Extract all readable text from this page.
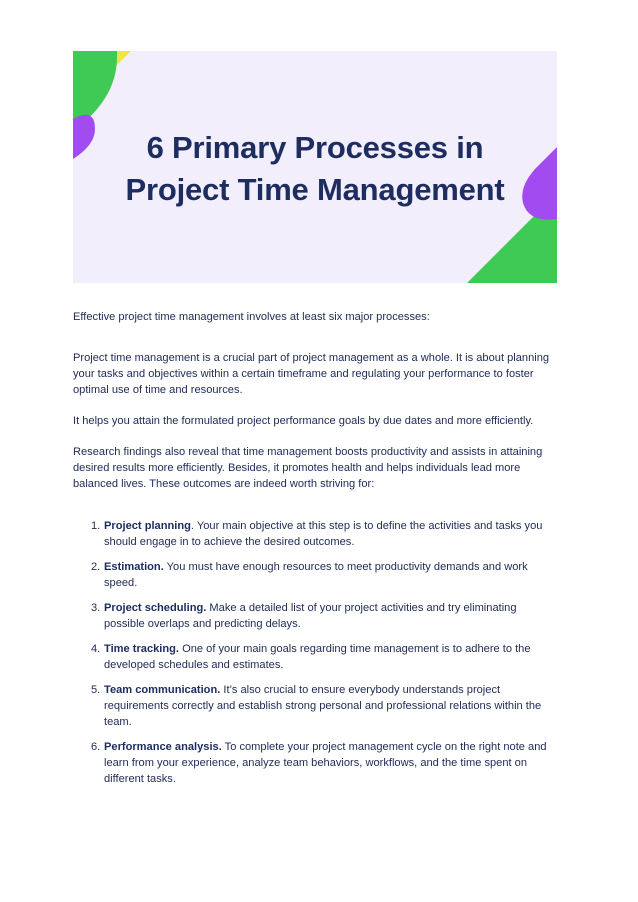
6 Primary Processes in
Project Time Management

Effective project time management involves at least six major processes:

Project time management is a crucial part of project management as a whole. It is about planning your tasks and objectives within a certain timeframe and regulating your performance to foster optimal use of time and resources.

It helps you attain the formulated project performance goals by due dates and more efficiently.

Research findings also reveal that time management boosts productivity and assists in attaining desired results more efficiently. Besides, it promotes health and helps individuals lead more balanced lives. These outcomes are indeed worth striving for:

1. Project planning. Your main objective at this step is to define the activities and tasks you should engage in to achieve the desired outcomes.
2. Estimation. You must have enough resources to meet productivity demands and work speed.
3. Project scheduling. Make a detailed list of your project activities and try eliminating possible overlaps and predicting delays.
4. Time tracking. One of your main goals regarding time management is to adhere to the developed schedules and estimates.
5. Team communication. It’s also crucial to ensure everybody understands project requirements correctly and establish strong personal and professional relations within the team.
6. Performance analysis. To complete your project management cycle on the right note and learn from your experience, analyze team behaviors, workflows, and the time spent on different tasks.
